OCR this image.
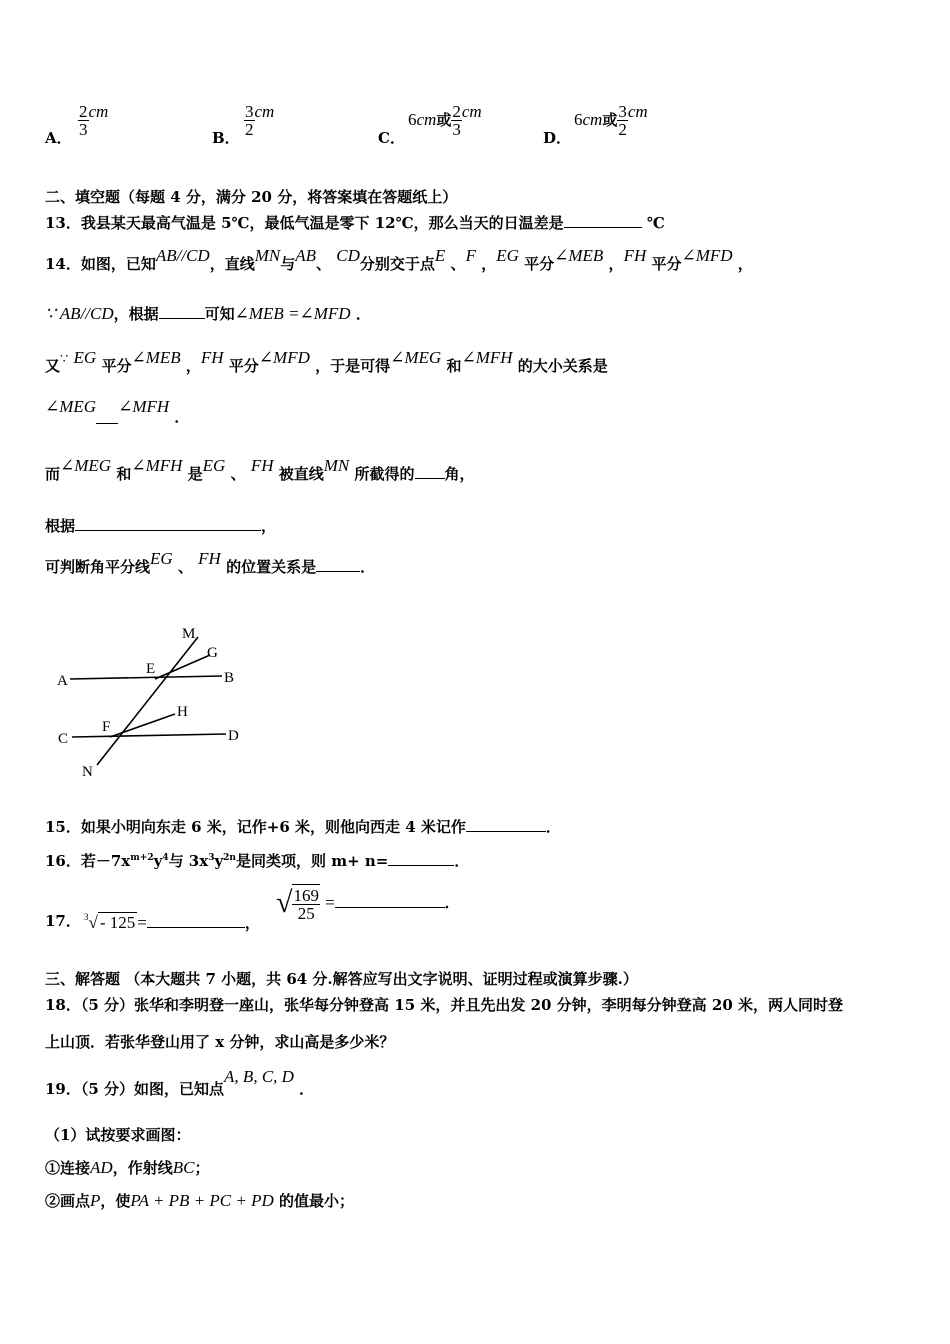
A． $\frac{2}{3}$ cm
B． $\frac{3}{2}$ cm
C．
6cm或 $\frac{2}{3}$ cm
D．
6cm或 $\frac{3}{2}$ cm
二、填空题（每题 4 分，满分 20 分，将答案填在答题纸上）
13．我县某天最高气温是 5℃，最低气温是零下 12℃，那么当天的日温差是	℃
14．如图，已知AB//CD，直线MN与AB、 CD分别交于点E 、F ，EG 平分∠MEB ，FH 平分∠MFD ，
∵ AB//CD，根据	可知∠MEB =∠MFD ．
又∵ EG 平分∠MEB ，FH 平分∠MFD ，于是可得∠MEG 和∠MFH 的大小关系是
∠MEG ∠MFH ．
而∠MEG 和∠MFH 是EG 、 FH 被直线MN 所截得的 角，
根据	，
可判断角平分线EG 、 FH 的位置关系是	．
M
G
A
E
B
H
C
F
D
N
15．如果小明向东走 6 米，记作+6 米，则他向西走 4 米记作	．
16．若$-7x^{m+2}y^4$与 $3x^3y^{2n}$是同类项，则 m+ n=	．
17． $^3$√ - 125 =	，
√ $\frac{169}{25}$ =	．
三、解答题 （本大题共 7 小题，共 64 分.解答应写出文字说明、证明过程或演算步骤.）
18．（5 分）张华和李明登一座山，张华每分钟登高 15 米，并且先出发 20 分钟，李明每分钟登高 20 米，两人同时登
上山顶．若张华登山用了 x 分钟，求山高是多少米？
19．（5 分）如图，已知点A, B, C, D ．
（1）试按要求画图：
①连接AD，作射线BC；
②画点P，使PA + PB + PC + PD 的值最小；
